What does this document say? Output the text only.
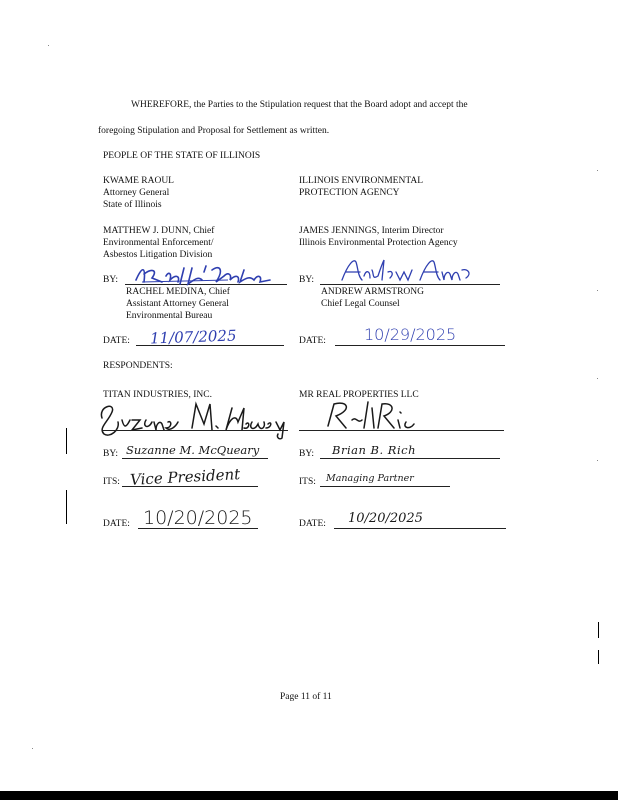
WHEREFORE, the Parties to the Stipulation request that the Board adopt and accept the
foregoing Stipulation and Proposal for Settlement as written.
PEOPLE OF THE STATE OF ILLINOIS
KWAME RAOUL
Attorney General
State of Illinois
MATTHEW J. DUNN, Chief
Environmental Enforcement/
Asbestos Litigation Division
BY:
RACHEL MEDINA, Chief
Assistant Attorney General
Environmental Bureau
DATE: 11/07/2025
ILLINOIS ENVIRONMENTAL
PROTECTION AGENCY
JAMES JENNINGS, Interim Director
Illinois Environmental Protection Agency
BY:
ANDREW ARMSTRONG
Chief Legal Counsel
DATE: 10/29/2025
RESPONDENTS:
TITAN INDUSTRIES, INC.
BY: Suzanne M. McQueary
ITS: Vice President
DATE: 10/20/2025
MR REAL PROPERTIES LLC
BY: Brian B. Rich
ITS: Managing Partner
DATE: 10/20/2025
Page 11 of 11
